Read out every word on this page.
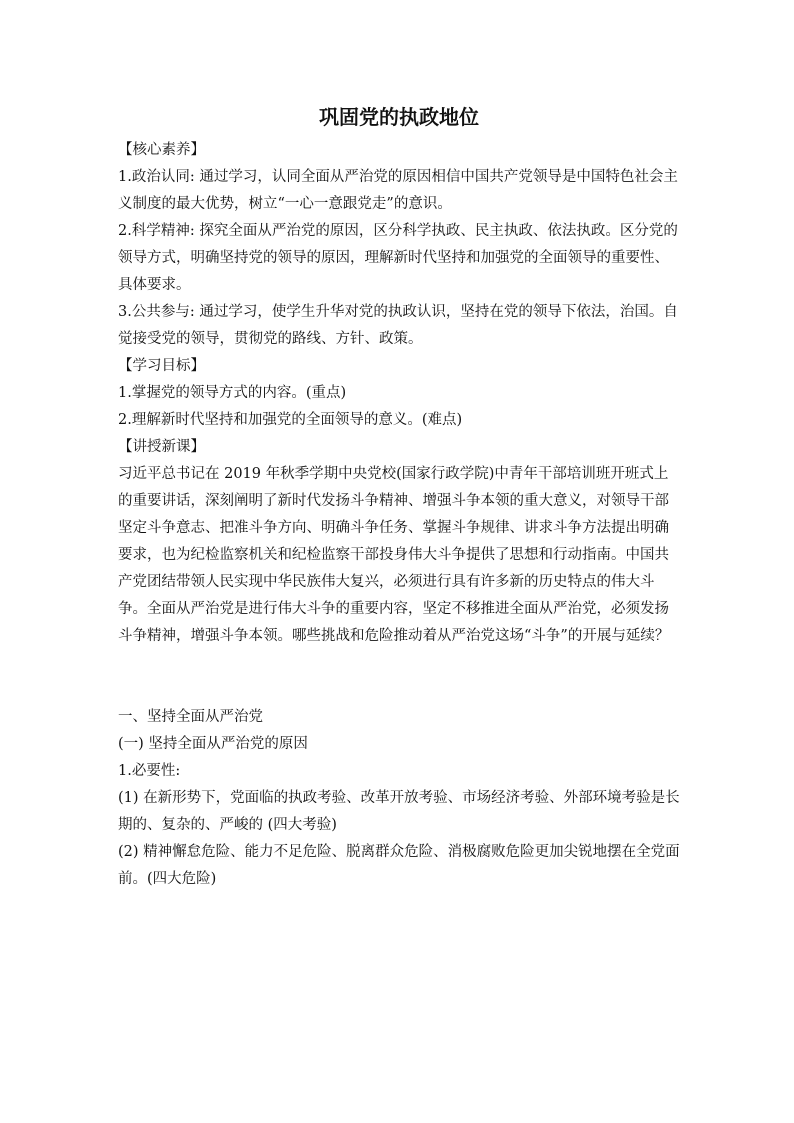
巩固党的执政地位

【核心素养】

1.政治认同: 通过学习，认同全面从严治党的原因相信中国共产党领导是中国特色社会主义制度的最大优势，树立“一心一意跟党走”的意识。

2.科学精神: 探究全面从严治党的原因，区分科学执政、民主执政、依法执政。区分党的领导方式，明确坚持党的领导的原因，理解新时代坚持和加强党的全面领导的重要性、具体要求。

3.公共参与: 通过学习，使学生升华对党的执政认识，坚持在党的领导下依法，治国。自觉接受党的领导，贯彻党的路线、方针、政策。

【学习目标】

1.掌握党的领导方式的内容。(重点)

2.理解新时代坚持和加强党的全面领导的意义。(难点)

【讲授新课】

习近平总书记在 2019 年秋季学期中央党校(国家行政学院)中青年干部培训班开班式上的重要讲话，深刻阐明了新时代发扬斗争精神、增强斗争本领的重大意义，对领导干部坚定斗争意志、把准斗争方向、明确斗争任务、掌握斗争规律、讲求斗争方法提出明确要求，也为纪检监察机关和纪检监察干部投身伟大斗争提供了思想和行动指南。中国共产党团结带领人民实现中华民族伟大复兴，必须进行具有许多新的历史特点的伟大斗争。全面从严治党是进行伟大斗争的重要内容，坚定不移推进全面从严治党，必须发扬斗争精神，增强斗争本领。哪些挑战和危险推动着从严治党这场“斗争”的开展与延续？

一、坚持全面从严治党

(一) 坚持全面从严治党的原因

1.必要性:

(1) 在新形势下，党面临的执政考验、改革开放考验、市场经济考验、外部环境考验是长期的、复杂的、严峻的 (四大考验)

(2) 精神懈怠危险、能力不足危险、脱离群众危险、消极腐败危险更加尖锐地摆在全党面前。(四大危险)
